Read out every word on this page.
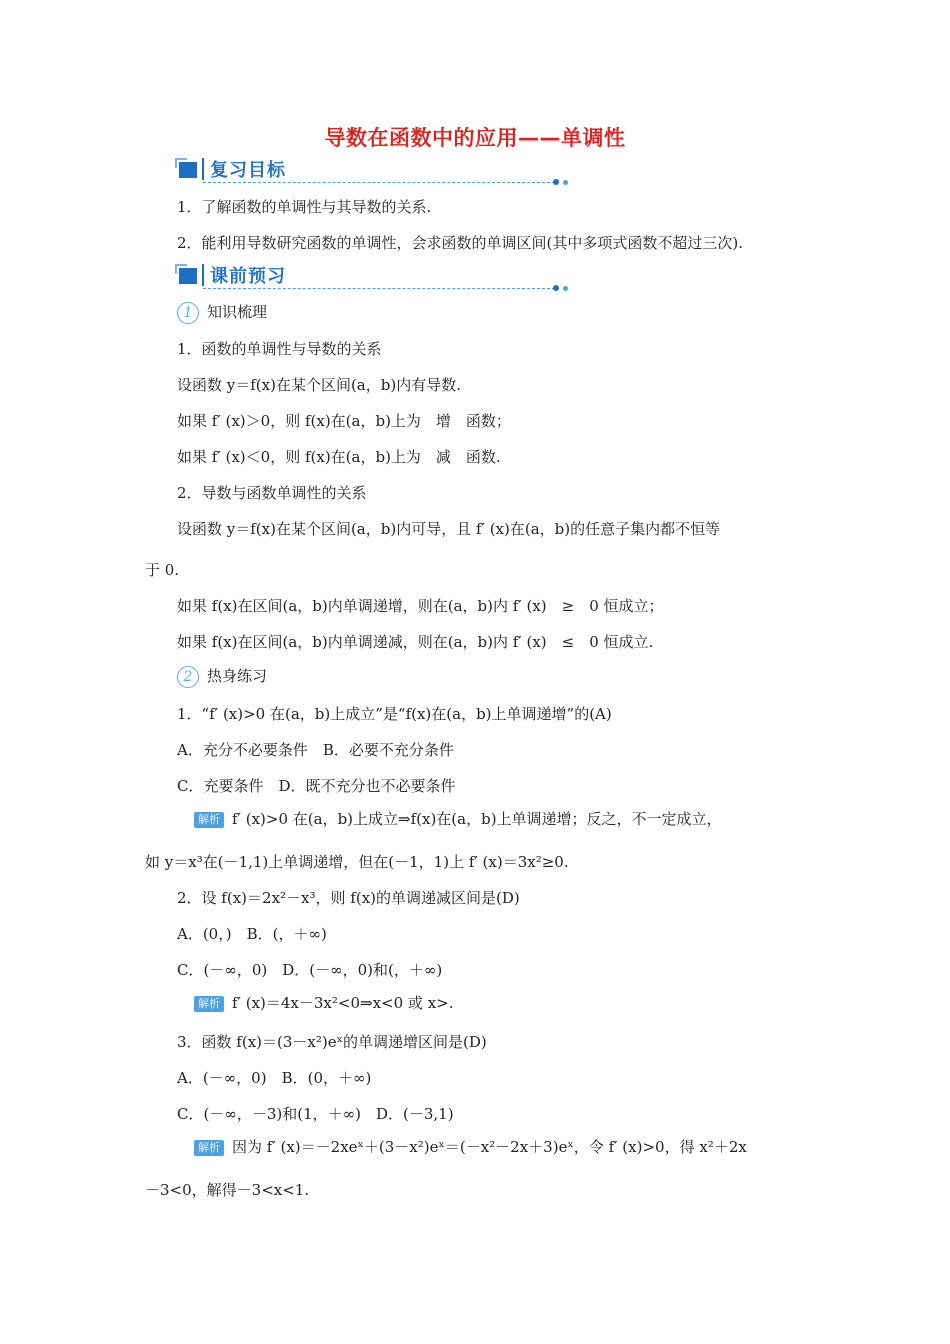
导数在函数中的应用——单调性
复习目标
1．了解函数的单调性与其导数的关系.
2．能利用导数研究函数的单调性，会求函数的单调区间(其中多项式函数不超过三次).
课前预习
1 知识梳理
1．函数的单调性与导数的关系
设函数 y＝f(x)在某个区间(a，b)内有导数.
如果 f′ (x)＞0，则 f(x)在(a，b)上为　增　函数；
如果 f′ (x)＜0，则 f(x)在(a，b)上为　减　函数.
2．导数与函数单调性的关系
设函数 y＝f(x)在某个区间(a，b)内可导，且 f′ (x)在(a，b)的任意子集内都不恒等
于 0.
如果 f(x)在区间(a，b)内单调递增，则在(a，b)内 f′ (x)　≥　0 恒成立；
如果 f(x)在区间(a，b)内单调递减，则在(a，b)内 f′ (x)　≤　0 恒成立.
2 热身练习
1．“f′ (x)>0 在(a，b)上成立”是“f(x)在(a，b)上单调递增”的(A)
A．充分不必要条件　B．必要不充分条件
C．充要条件　D．既不充分也不必要条件
解析 f′ (x)>0 在(a，b)上成立⇒f(x)在(a，b)上单调递增；反之，不一定成立，
如 y＝x³在(－1,1)上单调递增，但在(－1，1)上 f′ (x)＝3x²≥0.
2．设 f(x)＝2x²－x³，则 f(x)的单调递减区间是(D)
A．(0，)　B．(，＋∞)
C．(－∞，0)　D．(－∞，0)和(，＋∞)
解析 f′ (x)＝4x－3x²<0⇒x<0 或 x>.
3．函数 f(x)＝(3－x²)eˣ的单调递增区间是(D)
A．(－∞，0)　B．(0，＋∞)
C．(－∞，－3)和(1，＋∞)　D．(－3,1)
解析 因为 f′ (x)＝－2xeˣ＋(3－x²)eˣ＝(－x²－2x＋3)eˣ，令 f′ (x)>0，得 x²＋2x
－3<0，解得－3<x<1.
